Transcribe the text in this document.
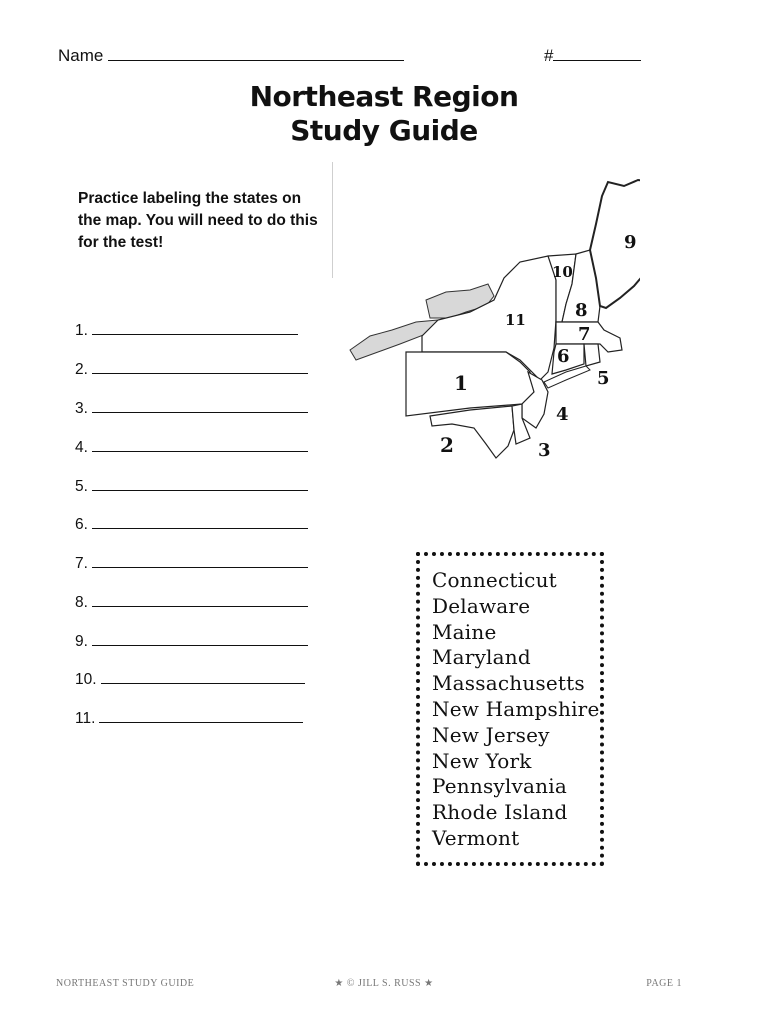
Name	#
Northeast Region
Study Guide
Practice labeling the states on the map. You will need to do this for the test!
1.
2.
3.
4.
5.
6.
7.
8.
9.
10.
11.
1
2	3
4
5
6
7
8
9
10
11
Connecticut
Delaware
Maine
Maryland
Massachusetts
New Hampshire
New Jersey
New York
Pennsylvania
Rhode Island
Vermont
NORTHEAST STUDY GUIDE	★ © JILL S. RUSS ★	PAGE 1
